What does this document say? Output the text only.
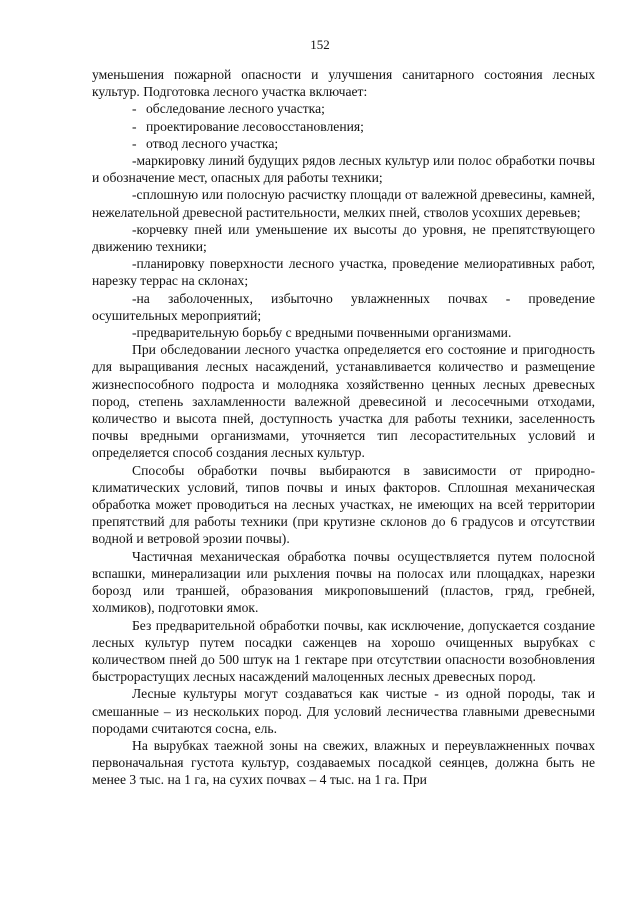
152

уменьшения пожарной опасности и улучшения санитарного состояния лесных культур. Подготовка лесного участка включает:

- обследование лесного участка;

- проектирование лесовосстановления;

- отвод лесного участка;

-маркировку линий будущих рядов лесных культур или полос обработки почвы и обозначение мест, опасных для работы техники;

-сплошную или полосную расчистку площади от валежной древесины, камней, нежелательной древесной растительности, мелких пней, стволов усохших деревьев;

-корчевку пней или уменьшение их высоты до уровня, не препятствующего движению техники;

-планировку поверхности лесного участка, проведение мелиоративных работ, нарезку террас на склонах;

-на заболоченных, избыточно увлажненных почвах - проведение осушительных мероприятий;

-предварительную борьбу с вредными почвенными организмами.

При обследовании лесного участка определяется его состояние и пригодность для выращивания лесных насаждений, устанавливается количество и размещение жизнеспособного подроста и молодняка хозяйственно ценных лесных древесных пород, степень захламленности валежной древесиной и лесосечными отходами, количество и высота пней, доступность участка для работы техники, заселенность почвы вредными организмами, уточняется тип лесорастительных условий и определяется способ создания лесных культур.

Способы обработки почвы выбираются в зависимости от природно-климатических условий, типов почвы и иных факторов. Сплошная механическая обработка может проводиться на лесных участках, не имеющих на всей территории препятствий для работы техники (при крутизне склонов до 6 градусов и отсутствии водной и ветровой эрозии почвы).

Частичная механическая обработка почвы осуществляется путем полосной вспашки, минерализации или рыхления почвы на полосах или площадках, нарезки борозд или траншей, образования микроповышений (пластов, гряд, гребней, холмиков), подготовки ямок.

Без предварительной обработки почвы, как исключение, допускается создание лесных культур путем посадки саженцев на хорошо очищенных вырубках с количеством пней до 500 штук на 1 гектаре при отсутствии опасности возобновления быстрорастущих лесных насаждений малоценных лесных древесных пород.

Лесные культуры могут создаваться как чистые - из одной породы, так и смешанные – из нескольких пород. Для условий лесничества главными древесными породами считаются сосна, ель.

На вырубках таежной зоны на свежих, влажных и переувлажненных почвах первоначальная густота культур, создаваемых посадкой сеянцев, должна быть не менее 3 тыс. на 1 га, на сухих почвах – 4 тыс. на 1 га. При
